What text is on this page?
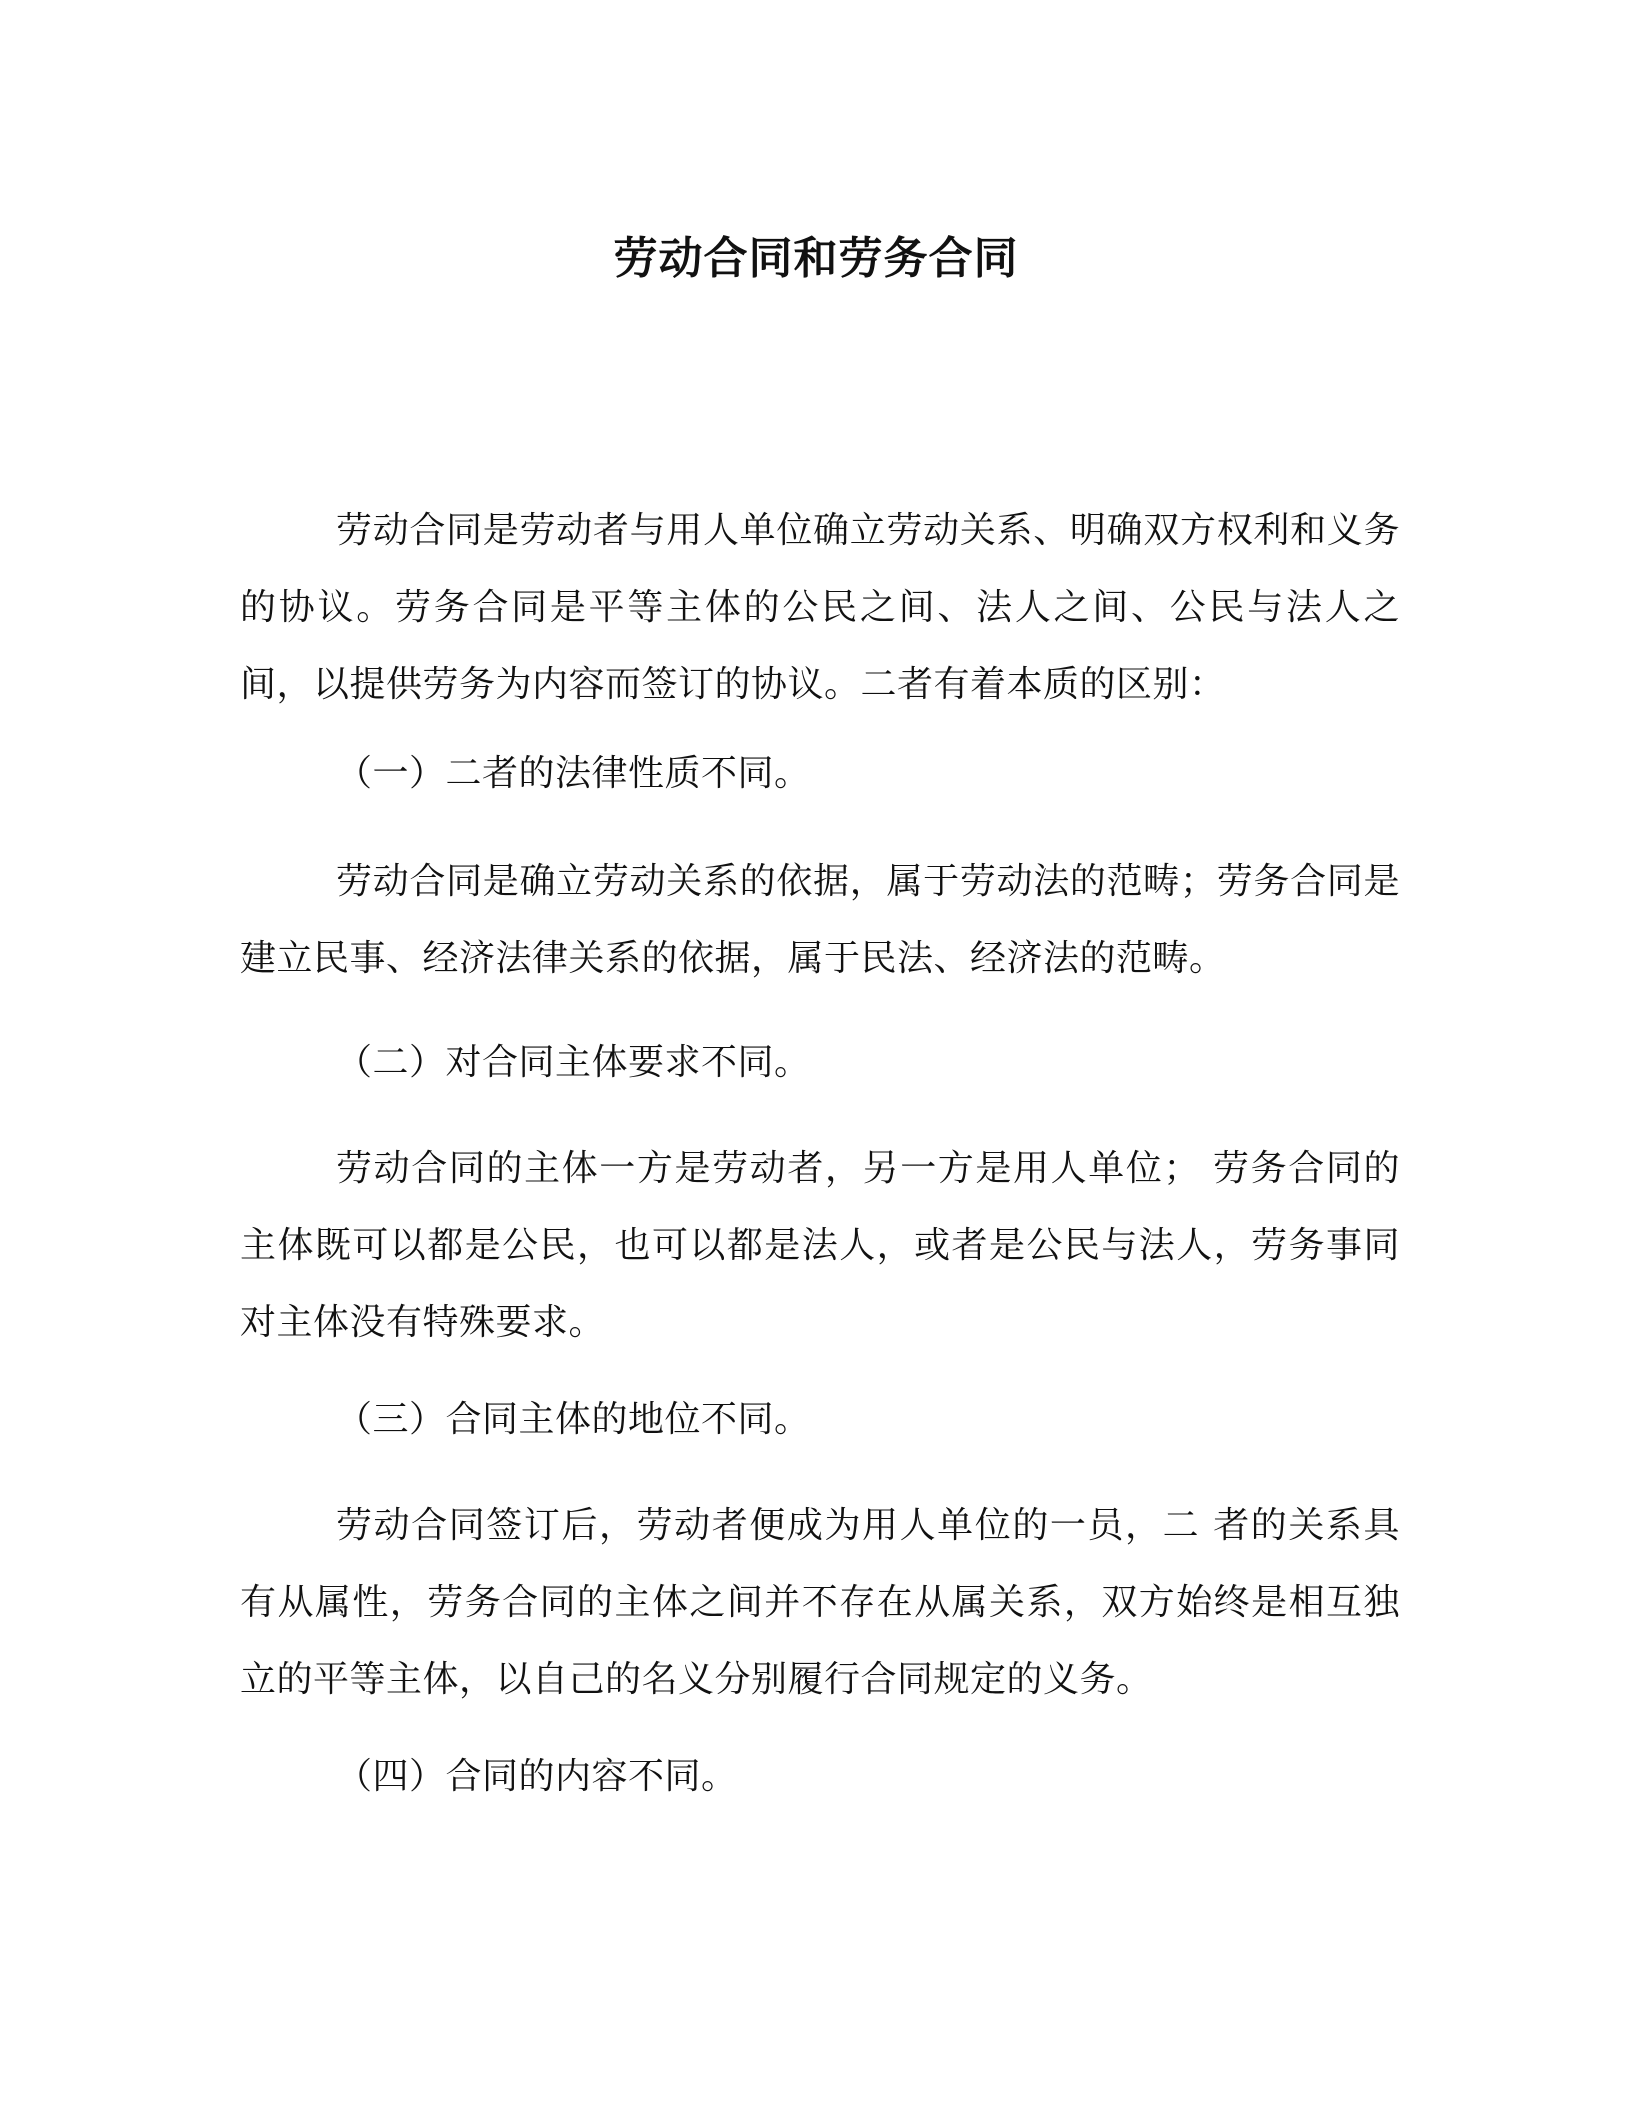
劳动合同和劳务合同

劳动合同是劳动者与用人单位确立劳动关系、明确双方权利和义务的协议。劳务合同是平等主体的公民之间、法人之间、公民与法人之间，以提供劳务为内容而签订的协议。二者有着本质的区别：

（一）二者的法律性质不同。

劳动合同是确立劳动关系的依据，属于劳动法的范畴；劳务合同是建立民事、经济法律关系的依据，属于民法、经济法的范畴。

（二）对合同主体要求不同。

劳动合同的主体一方是劳动者，另一方是用人单位； 劳务合同的主体既可以都是公民，也可以都是法人，或者是公民与法人，劳务事同对主体没有特殊要求。

（三）合同主体的地位不同。

劳动合同签订后，劳动者便成为用人单位的一员，二 者的关系具有从属性，劳务合同的主体之间并不存在从属关系，双方始终是相互独立的平等主体，以自己的名义分别履行合同规定的义务。

（四）合同的内容不同。
